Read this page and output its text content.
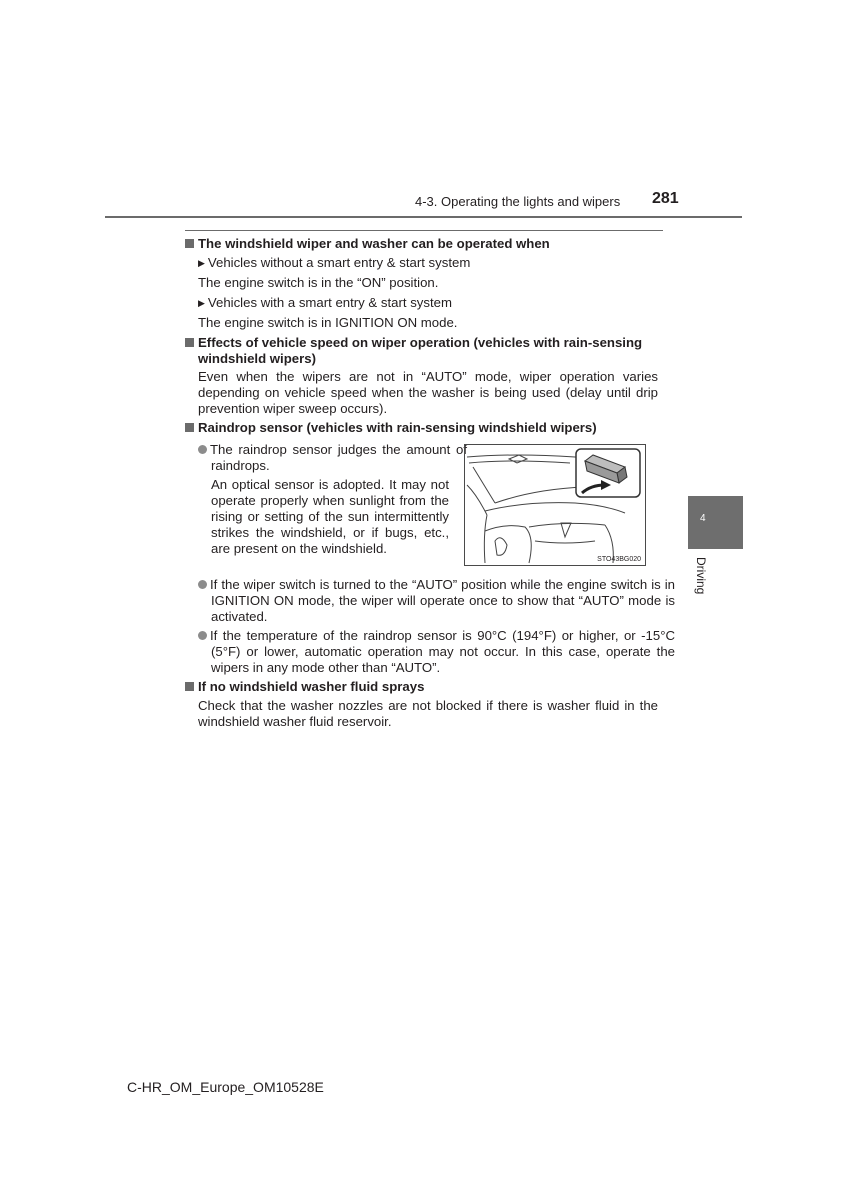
4-3. Operating the lights and wipers 281
4
Driving
The windshield wiper and washer can be operated when
▶ Vehicles without a smart entry & start system
The engine switch is in the “ON” position.
▶ Vehicles with a smart entry & start system
The engine switch is in IGNITION ON mode.
Effects of vehicle speed on wiper operation (vehicles with rain-sensing
windshield wipers)
Even when the wipers are not in “AUTO” mode, wiper operation varies depending on vehicle speed when the washer is being used (delay until drip prevention wiper sweep occurs).
Raindrop sensor (vehicles with rain-sensing windshield wipers)
The raindrop sensor judges the amount of raindrops.
An optical sensor is adopted. It may not operate properly when sunlight from the rising or setting of the sun intermittently strikes the windshield, or if bugs, etc., are present on the windshield.
STO43BG020
If the wiper switch is turned to the “AUTO” position while the engine switch is in IGNITION ON mode, the wiper will operate once to show that “AUTO” mode is activated.
If the temperature of the raindrop sensor is 90°C (194°F) or higher, or -15°C (5°F) or lower, automatic operation may not occur. In this case, operate the wipers in any mode other than “AUTO”.
If no windshield washer fluid sprays
Check that the washer nozzles are not blocked if there is washer fluid in the windshield washer fluid reservoir.
C-HR_OM_Europe_OM10528E
